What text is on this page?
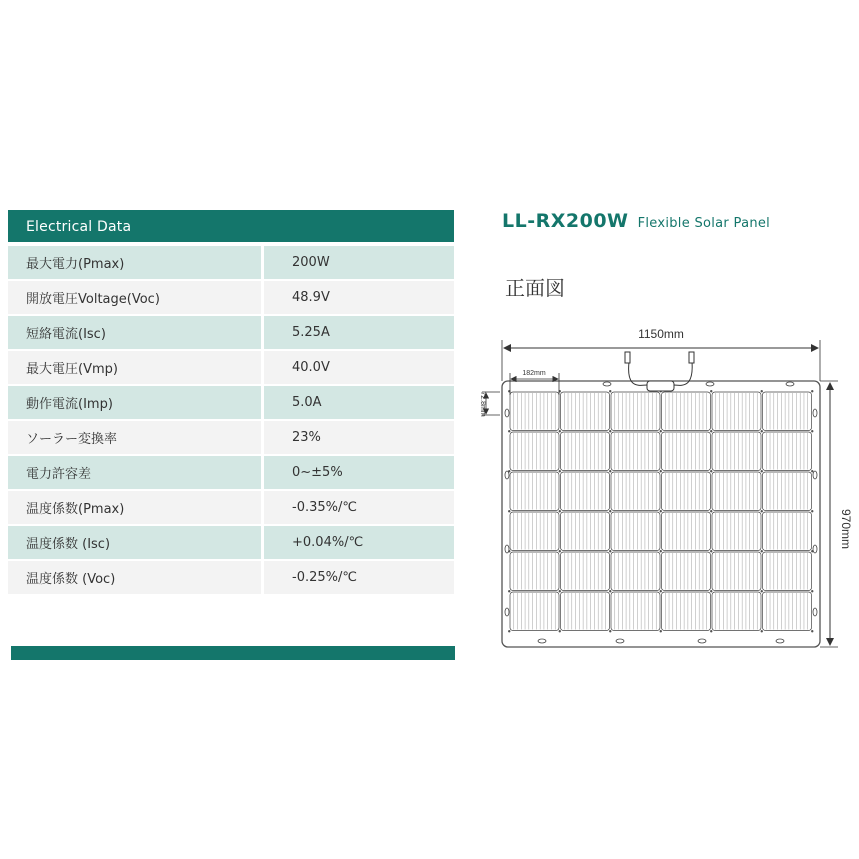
Electrical Data
最大電力(Pmax)	200W
開放電圧Voltage(Voc)	48.9V
短絡電流(Isc)	5.25A
最大電圧(Vmp)	40.0V
動作電流(Imp)	5.0A
ソーラー変換率	23%
電力許容差	0~±5%
温度係数(Pmax)	-0.35%/℃
温度係数 (Isc)	+0.04%/℃
温度係数 (Voc)	-0.25%/℃
LL-RX200W Flexible Solar Panel
正面図
1150mm
182mm
72.8mm
970mm
